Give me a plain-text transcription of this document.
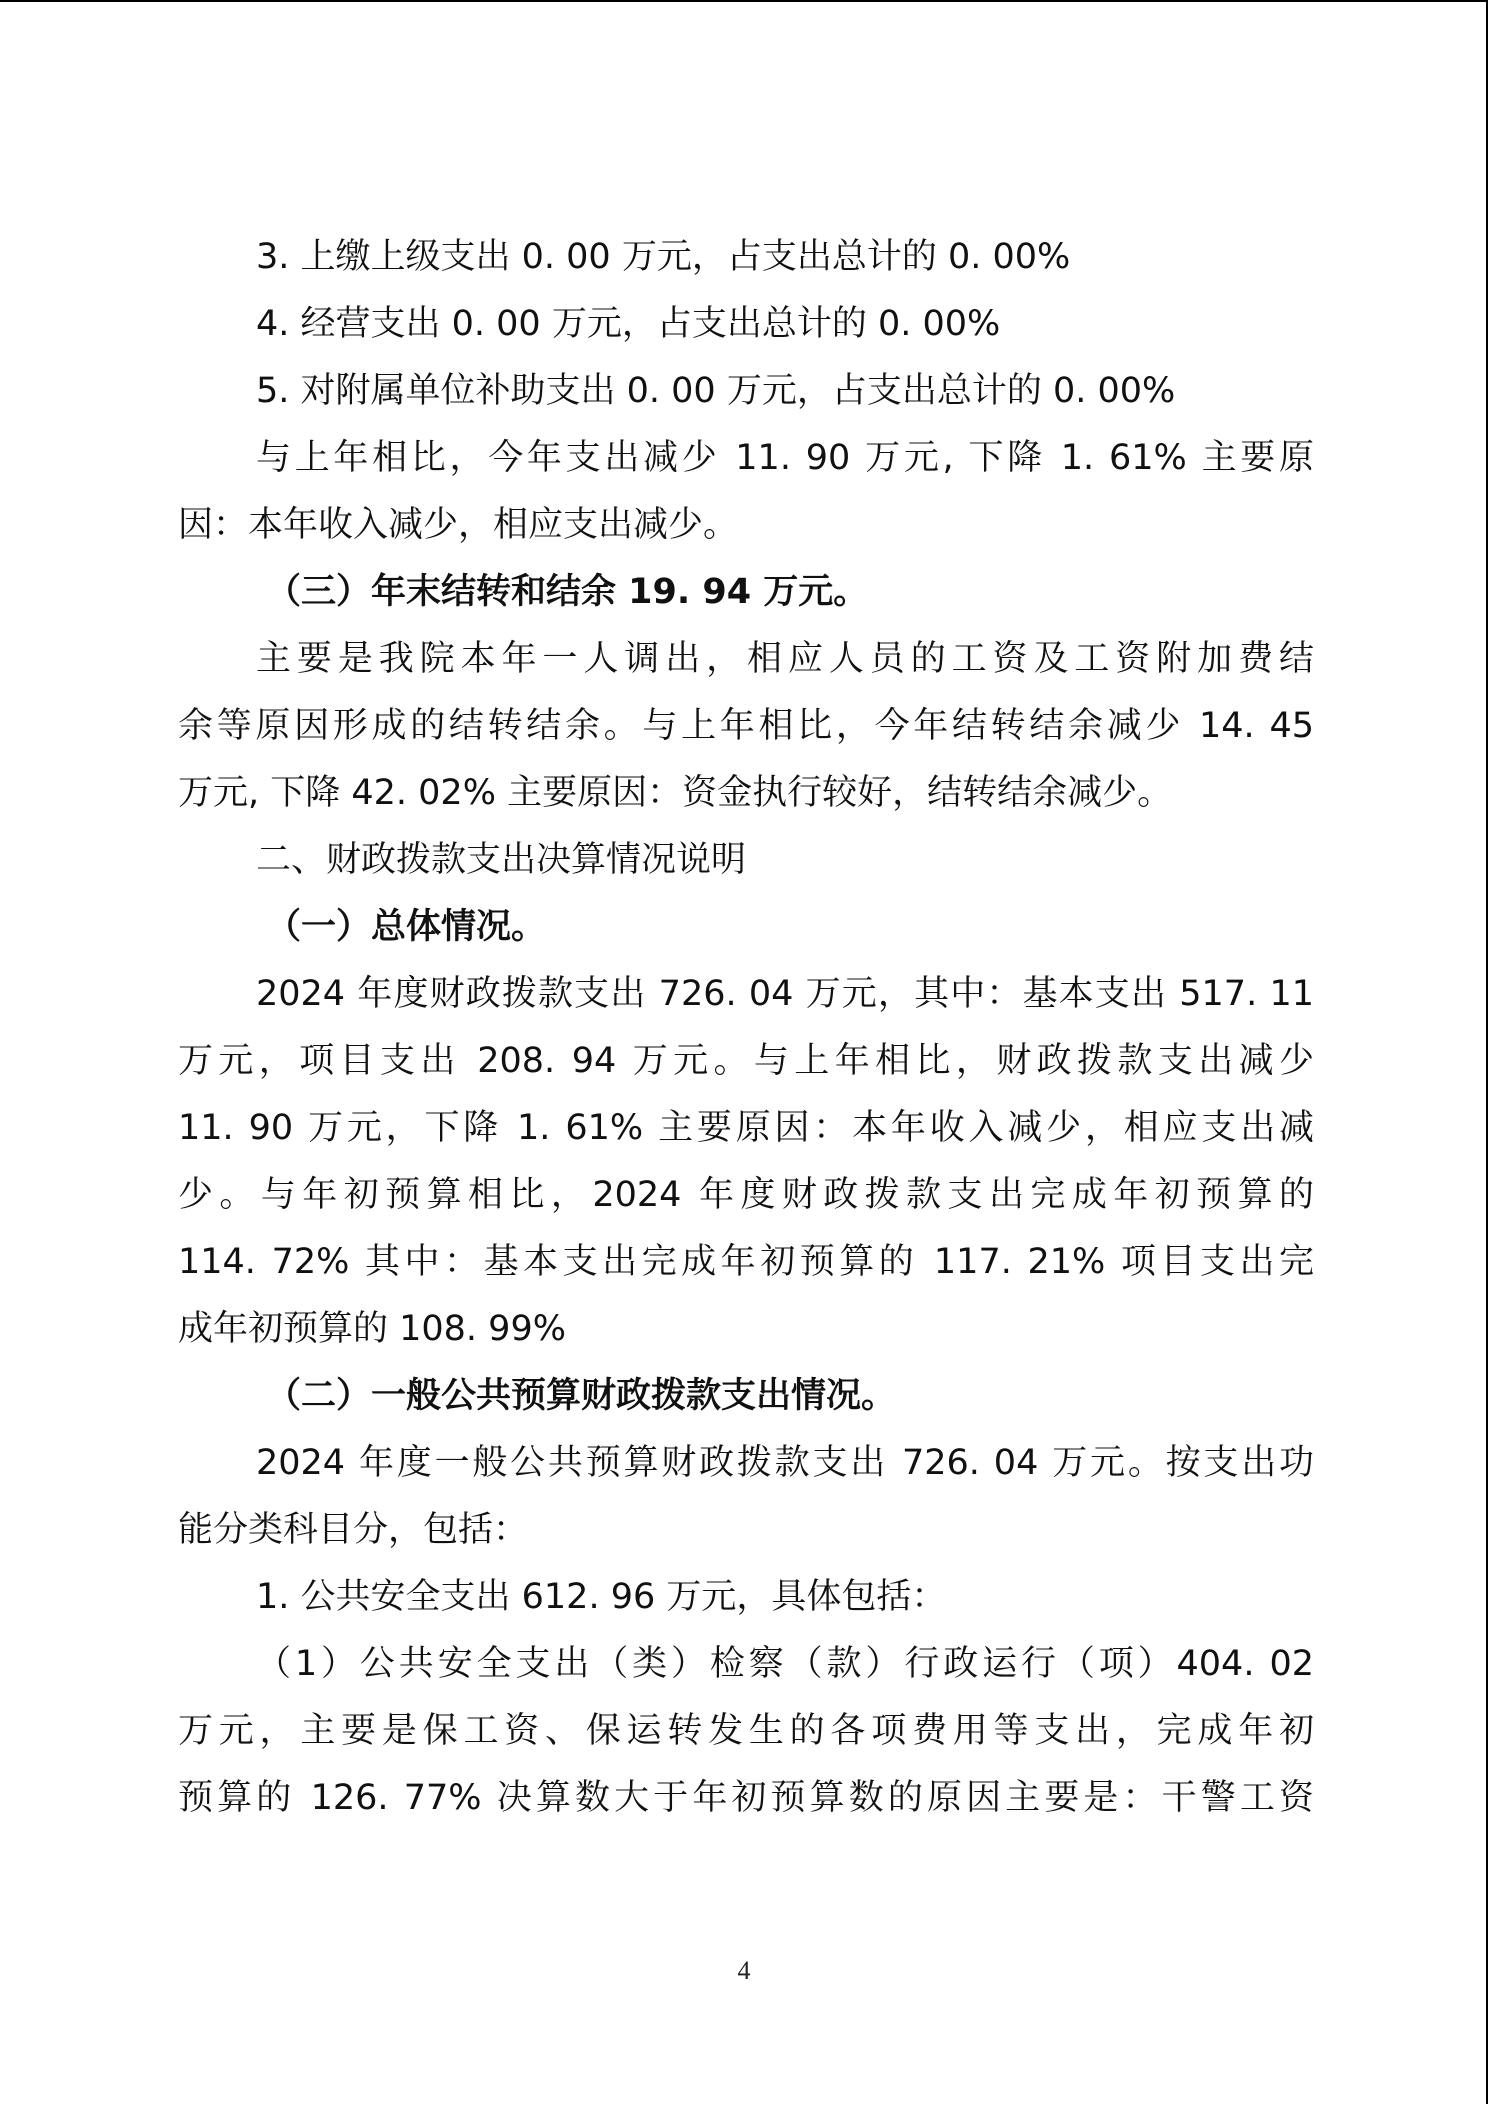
3. 上缴上级支出 0. 00 万元，占支出总计的 0. 00%
4. 经营支出 0. 00 万元，占支出总计的 0. 00%
5. 对附属单位补助支出 0. 00 万元，占支出总计的 0. 00%
与上年相比，今年支出减少 11. 90 万元, 下降 1. 61% 主要原
因：本年收入减少，相应支出减少。
（三）年末结转和结余 19. 94 万元。
主要是我院本年一人调出，相应人员的工资及工资附加费结
余等原因形成的结转结余。与上年相比，今年结转结余减少 14. 45
万元, 下降 42. 02% 主要原因：资金执行较好，结转结余减少。
二、财政拨款支出决算情况说明
（一）总体情况。
2024 年度财政拨款支出 726. 04 万元，其中：基本支出 517. 11
万元，项目支出 208. 94 万元。与上年相比，财政拨款支出减少
11. 90 万元，下降 1. 61% 主要原因：本年收入减少，相应支出减
少。与年初预算相比，2024 年度财政拨款支出完成年初预算的
114. 72% 其中：基本支出完成年初预算的 117. 21% 项目支出完
成年初预算的 108. 99%
（二）一般公共预算财政拨款支出情况。
2024 年度一般公共预算财政拨款支出 726. 04 万元。按支出功
能分类科目分，包括：
1. 公共安全支出 612. 96 万元，具体包括：
（1）公共安全支出（类）检察（款）行政运行（项）404. 02
万元，主要是保工资、保运转发生的各项费用等支出，完成年初
预算的 126. 77% 决算数大于年初预算数的原因主要是：干警工资
4
